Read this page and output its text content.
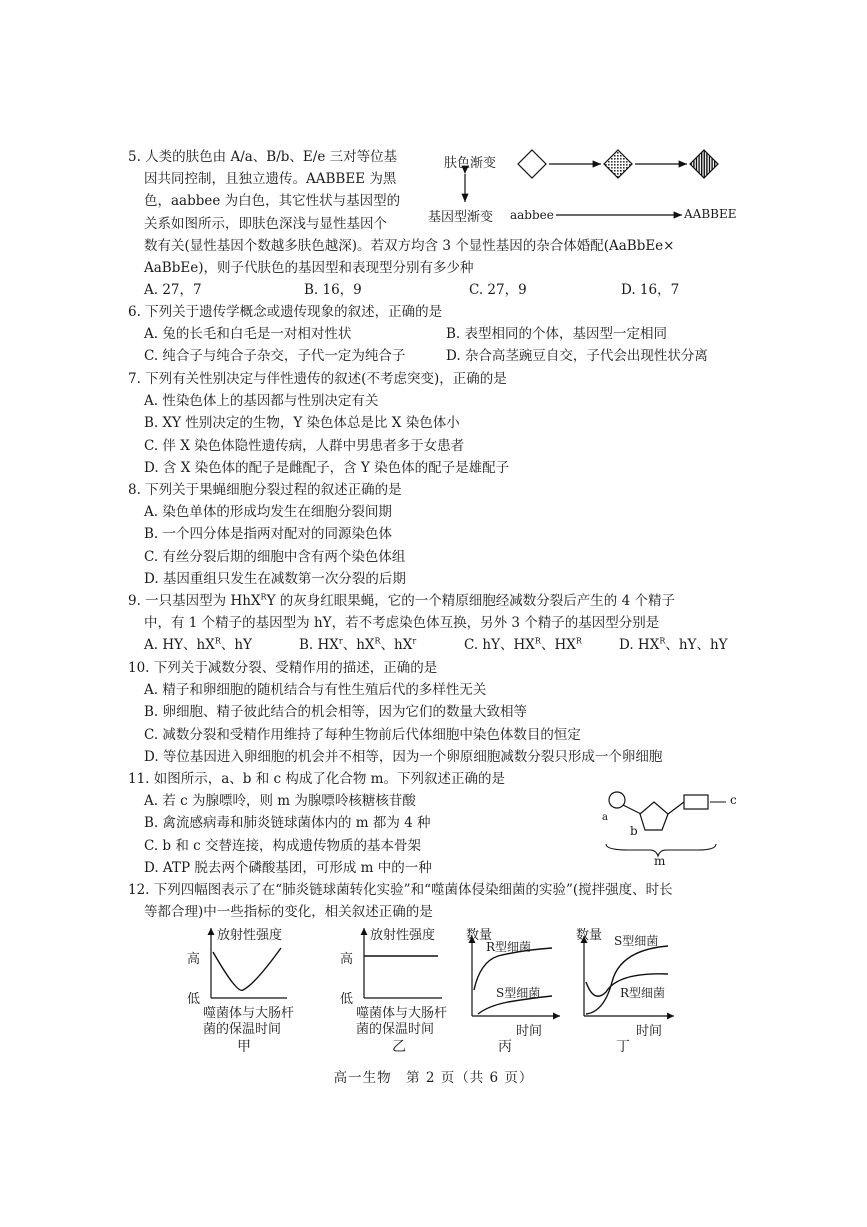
5. 人类的肤色由 A/a、B/b、E/e 三对等位基
因共同控制，且独立遗传。AABBEE 为黑
色，aabbee 为白色，其它性状与基因型的
关系如图所示，即肤色深浅与显性基因个
数有关(显性基因个数越多肤色越深)。若双方均含 3 个显性基因的杂合体婚配(AaBbEe×
AaBbEe)，则子代肤色的基因型和表现型分别有多少种
A. 27，7	B. 16，9	C. 27，9	D. 16，7
肤色渐变
基因型渐变 aabbee	AABBEE
6. 下列关于遗传学概念或遗传现象的叙述，正确的是
A. 兔的长毛和白毛是一对相对性状	B. 表型相同的个体，基因型一定相同
C. 纯合子与纯合子杂交，子代一定为纯合子	D. 杂合高茎豌豆自交，子代会出现性状分离
7. 下列有关性别决定与伴性遗传的叙述(不考虑突变)，正确的是
A. 性染色体上的基因都与性别决定有关
B. XY 性别决定的生物，Y 染色体总是比 X 染色体小
C. 伴 X 染色体隐性遗传病，人群中男患者多于女患者
D. 含 X 染色体的配子是雌配子，含 Y 染色体的配子是雄配子
8. 下列关于果蝇细胞分裂过程的叙述正确的是
A. 染色单体的形成均发生在细胞分裂间期
B. 一个四分体是指两对配对的同源染色体
C. 有丝分裂后期的细胞中含有两个染色体组
D. 基因重组只发生在减数第一次分裂的后期
9. 一只基因型为 HhX$^R$Y 的灰身红眼果蝇，它的一个精原细胞经减数分裂后产生的 4 个精子
中，有 1 个精子的基因型为 hY，若不考虑染色体互换，另外 3 个精子的基因型分别是
A. HY、$hX^R$、hY	B. $HX^r$、$hX^R$、$hX^r$	C. hY、$HX^R$、$HX^R$	D. $HX^R$、hY、hY
10. 下列关于减数分裂、受精作用的描述，正确的是
A. 精子和卵细胞的随机结合与有性生殖后代的多样性无关
B. 卵细胞、精子彼此结合的机会相等，因为它们的数量大致相等
C. 减数分裂和受精作用维持了每种生物前后代体细胞中染色体数目的恒定
D. 等位基因进入卵细胞的机会并不相等，因为一个卵原细胞减数分裂只形成一个卵细胞
11. 如图所示，a、b 和 c 构成了化合物 m。下列叙述正确的是
A. 若 c 为腺嘌呤，则 m 为腺嘌呤核糖核苷酸
B. 禽流感病毒和肺炎链球菌体内的 m 都为 4 种
C. b 和 c 交替连接，构成遗传物质的基本骨架
D. ATP 脱去两个磷酸基团，可形成 m 中的一种
a
b
c
m
12. 下列四幅图表示了在“肺炎链球菌转化实验”和“噬菌体侵染细菌的实验”(搅拌强度、时长
等都合理)中一些指标的变化，相关叙述正确的是
放射性强度
高
低
噬菌体与大肠杆
菌的保温时间
甲
放射性强度
高
低
噬菌体与大肠杆
菌的保温时间
乙
数量
R型细菌
S型细菌
时间
丙
数量 S型细菌
R型细菌
时间
丁
高一生物　第 2 页（共 6 页）
